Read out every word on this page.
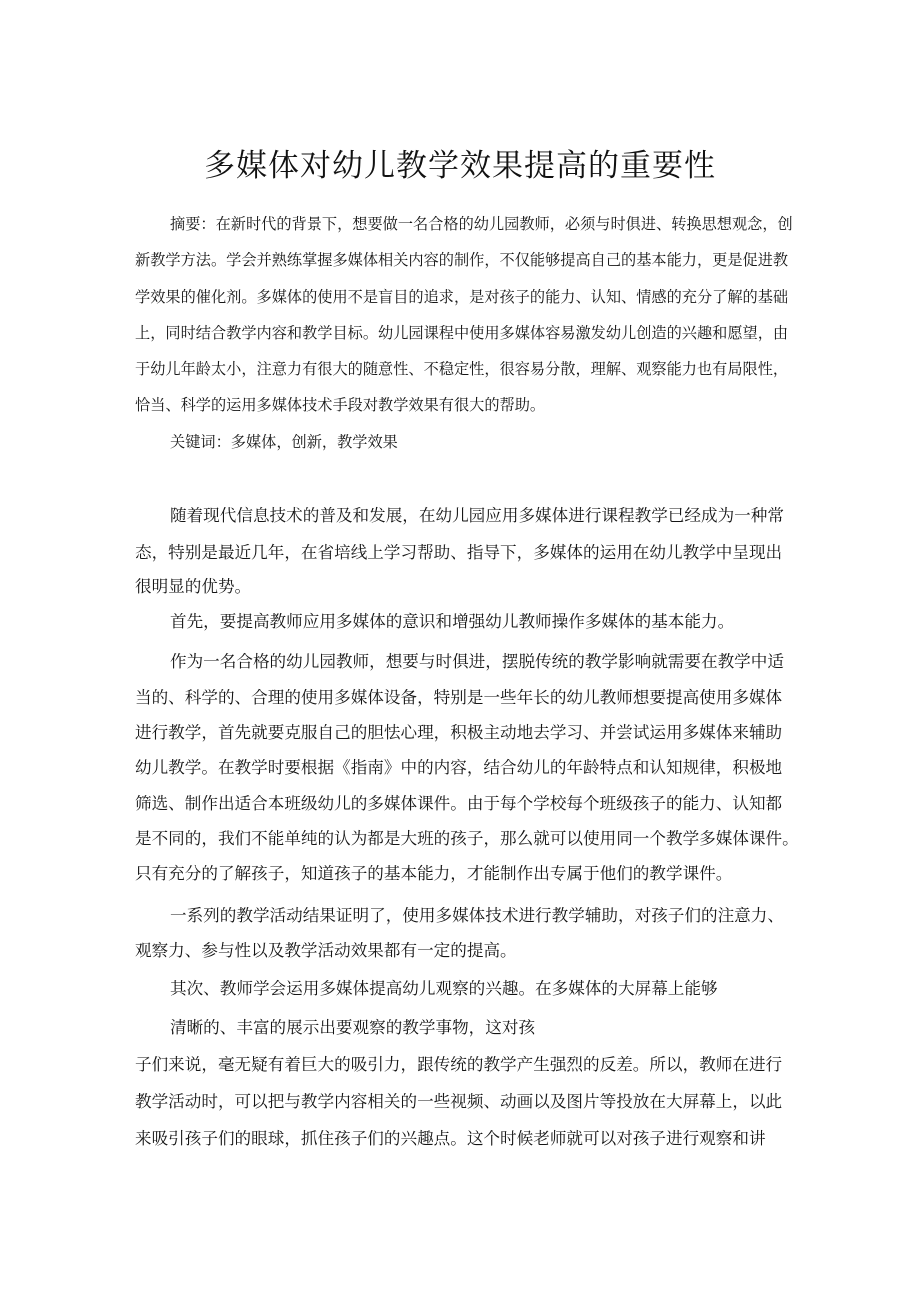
多媒体对幼儿教学效果提高的重要性
摘要：在新时代的背景下，想要做一名合格的幼儿园教师，必须与时俱进、转换思想观念，创
新教学方法。学会并熟练掌握多媒体相关内容的制作，不仅能够提高自己的基本能力，更是促进教
学效果的催化剂。多媒体的使用不是盲目的追求，是对孩子的能力、认知、情感的充分了解的基础
上，同时结合教学内容和教学目标。幼儿园课程中使用多媒体容易激发幼儿创造的兴趣和愿望，由
于幼儿年龄太小，注意力有很大的随意性、不稳定性，很容易分散，理解、观察能力也有局限性，
恰当、科学的运用多媒体技术手段对教学效果有很大的帮助。
关键词：多媒体，创新，教学效果
随着现代信息技术的普及和发展，在幼儿园应用多媒体进行课程教学已经成为一种常
态，特别是最近几年，在省培线上学习帮助、指导下，多媒体的运用在幼儿教学中呈现出
很明显的优势。
首先，要提高教师应用多媒体的意识和增强幼儿教师操作多媒体的基本能力。
作为一名合格的幼儿园教师，想要与时俱进，摆脱传统的教学影响就需要在教学中适
当的、科学的、合理的使用多媒体设备，特别是一些年长的幼儿教师想要提高使用多媒体
进行教学，首先就要克服自己的胆怯心理，积极主动地去学习、并尝试运用多媒体来辅助
幼儿教学。在教学时要根据《指南》中的内容，结合幼儿的年龄特点和认知规律，积极地
筛选、制作出适合本班级幼儿的多媒体课件。由于每个学校每个班级孩子的能力、认知都
是不同的，我们不能单纯的认为都是大班的孩子，那么就可以使用同一个教学多媒体课件。
只有充分的了解孩子，知道孩子的基本能力，才能制作出专属于他们的教学课件。
一系列的教学活动结果证明了，使用多媒体技术进行教学辅助，对孩子们的注意力、
观察力、参与性以及教学活动效果都有一定的提高。
其次、教师学会运用多媒体提高幼儿观察的兴趣。在多媒体的大屏幕上能够
清晰的、丰富的展示出要观察的教学事物，这对孩
子们来说，毫无疑有着巨大的吸引力，跟传统的教学产生强烈的反差。所以，教师在进行
教学活动时，可以把与教学内容相关的一些视频、动画以及图片等投放在大屏幕上，以此
来吸引孩子们的眼球，抓住孩子们的兴趣点。这个时候老师就可以对孩子进行观察和讲
